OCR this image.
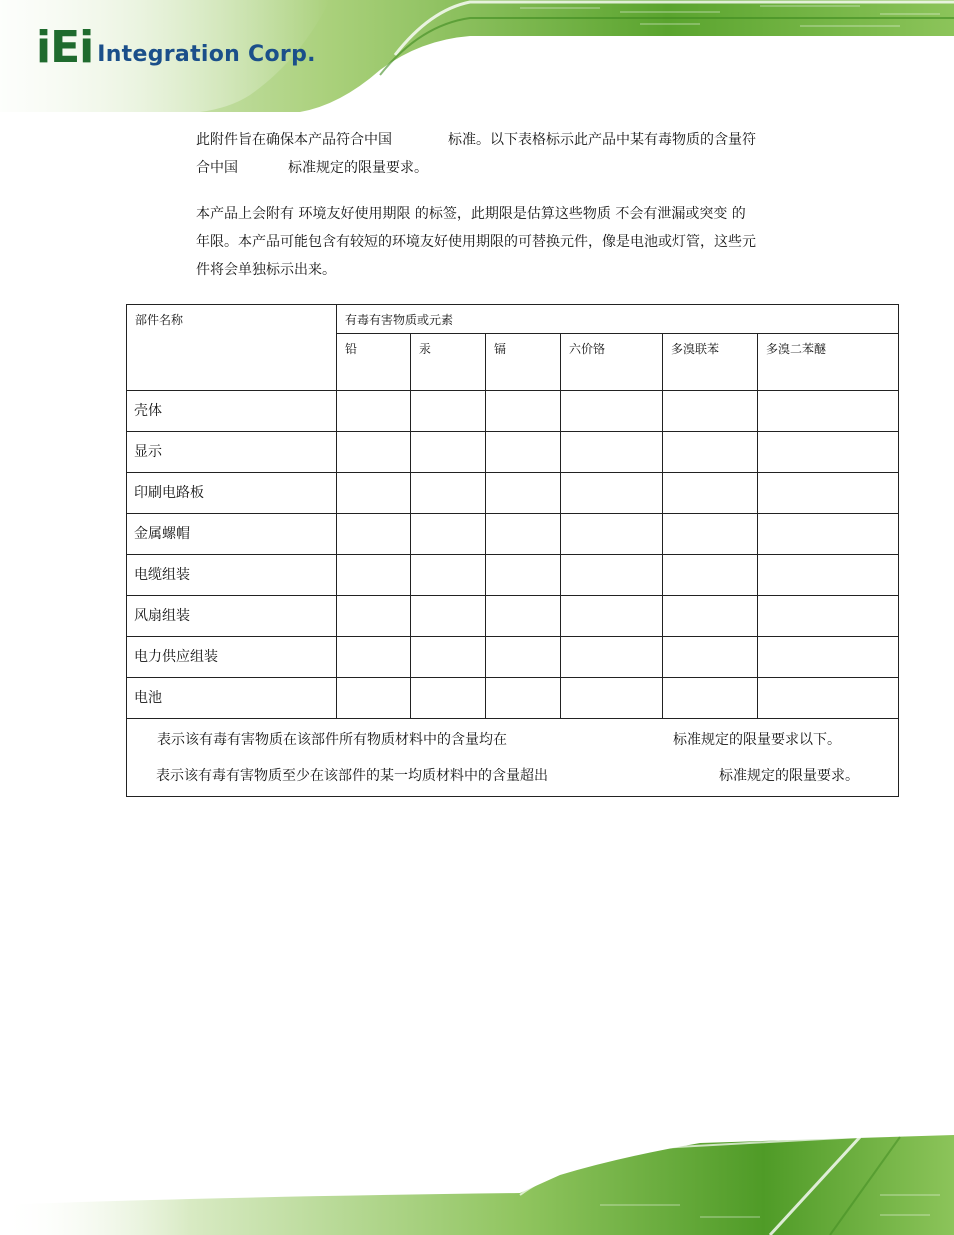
iEi Integration Corp.
此附件旨在确保本产品符合中国	标准。以下表格标示此产品中某有毒物质的含量符
合中国	标准规定的限量要求。
本产品上会附有 环境友好使用期限 的标签，此期限是估算这些物质 不会有泄漏或突变 的
年限。本产品可能包含有较短的环境友好使用期限的可替换元件，像是电池或灯管，这些元
件将会单独标示出来。
部件名称	有毒有害物质或元素					

	铅	汞	镉	六价铬	多溴联苯	多溴二苯醚

壳体						

显示						

印刷电路板						

金属螺帽						

电缆组装						

风扇组装						

电力供应组装						

电池						

表示该有毒有害物质在该部件所有物质材料中的含量均在 标准规定的限量要求以下。
表示该有毒有害物质至少在该部件的某一均质材料中的含量超出 标准规定的限量要求。						
